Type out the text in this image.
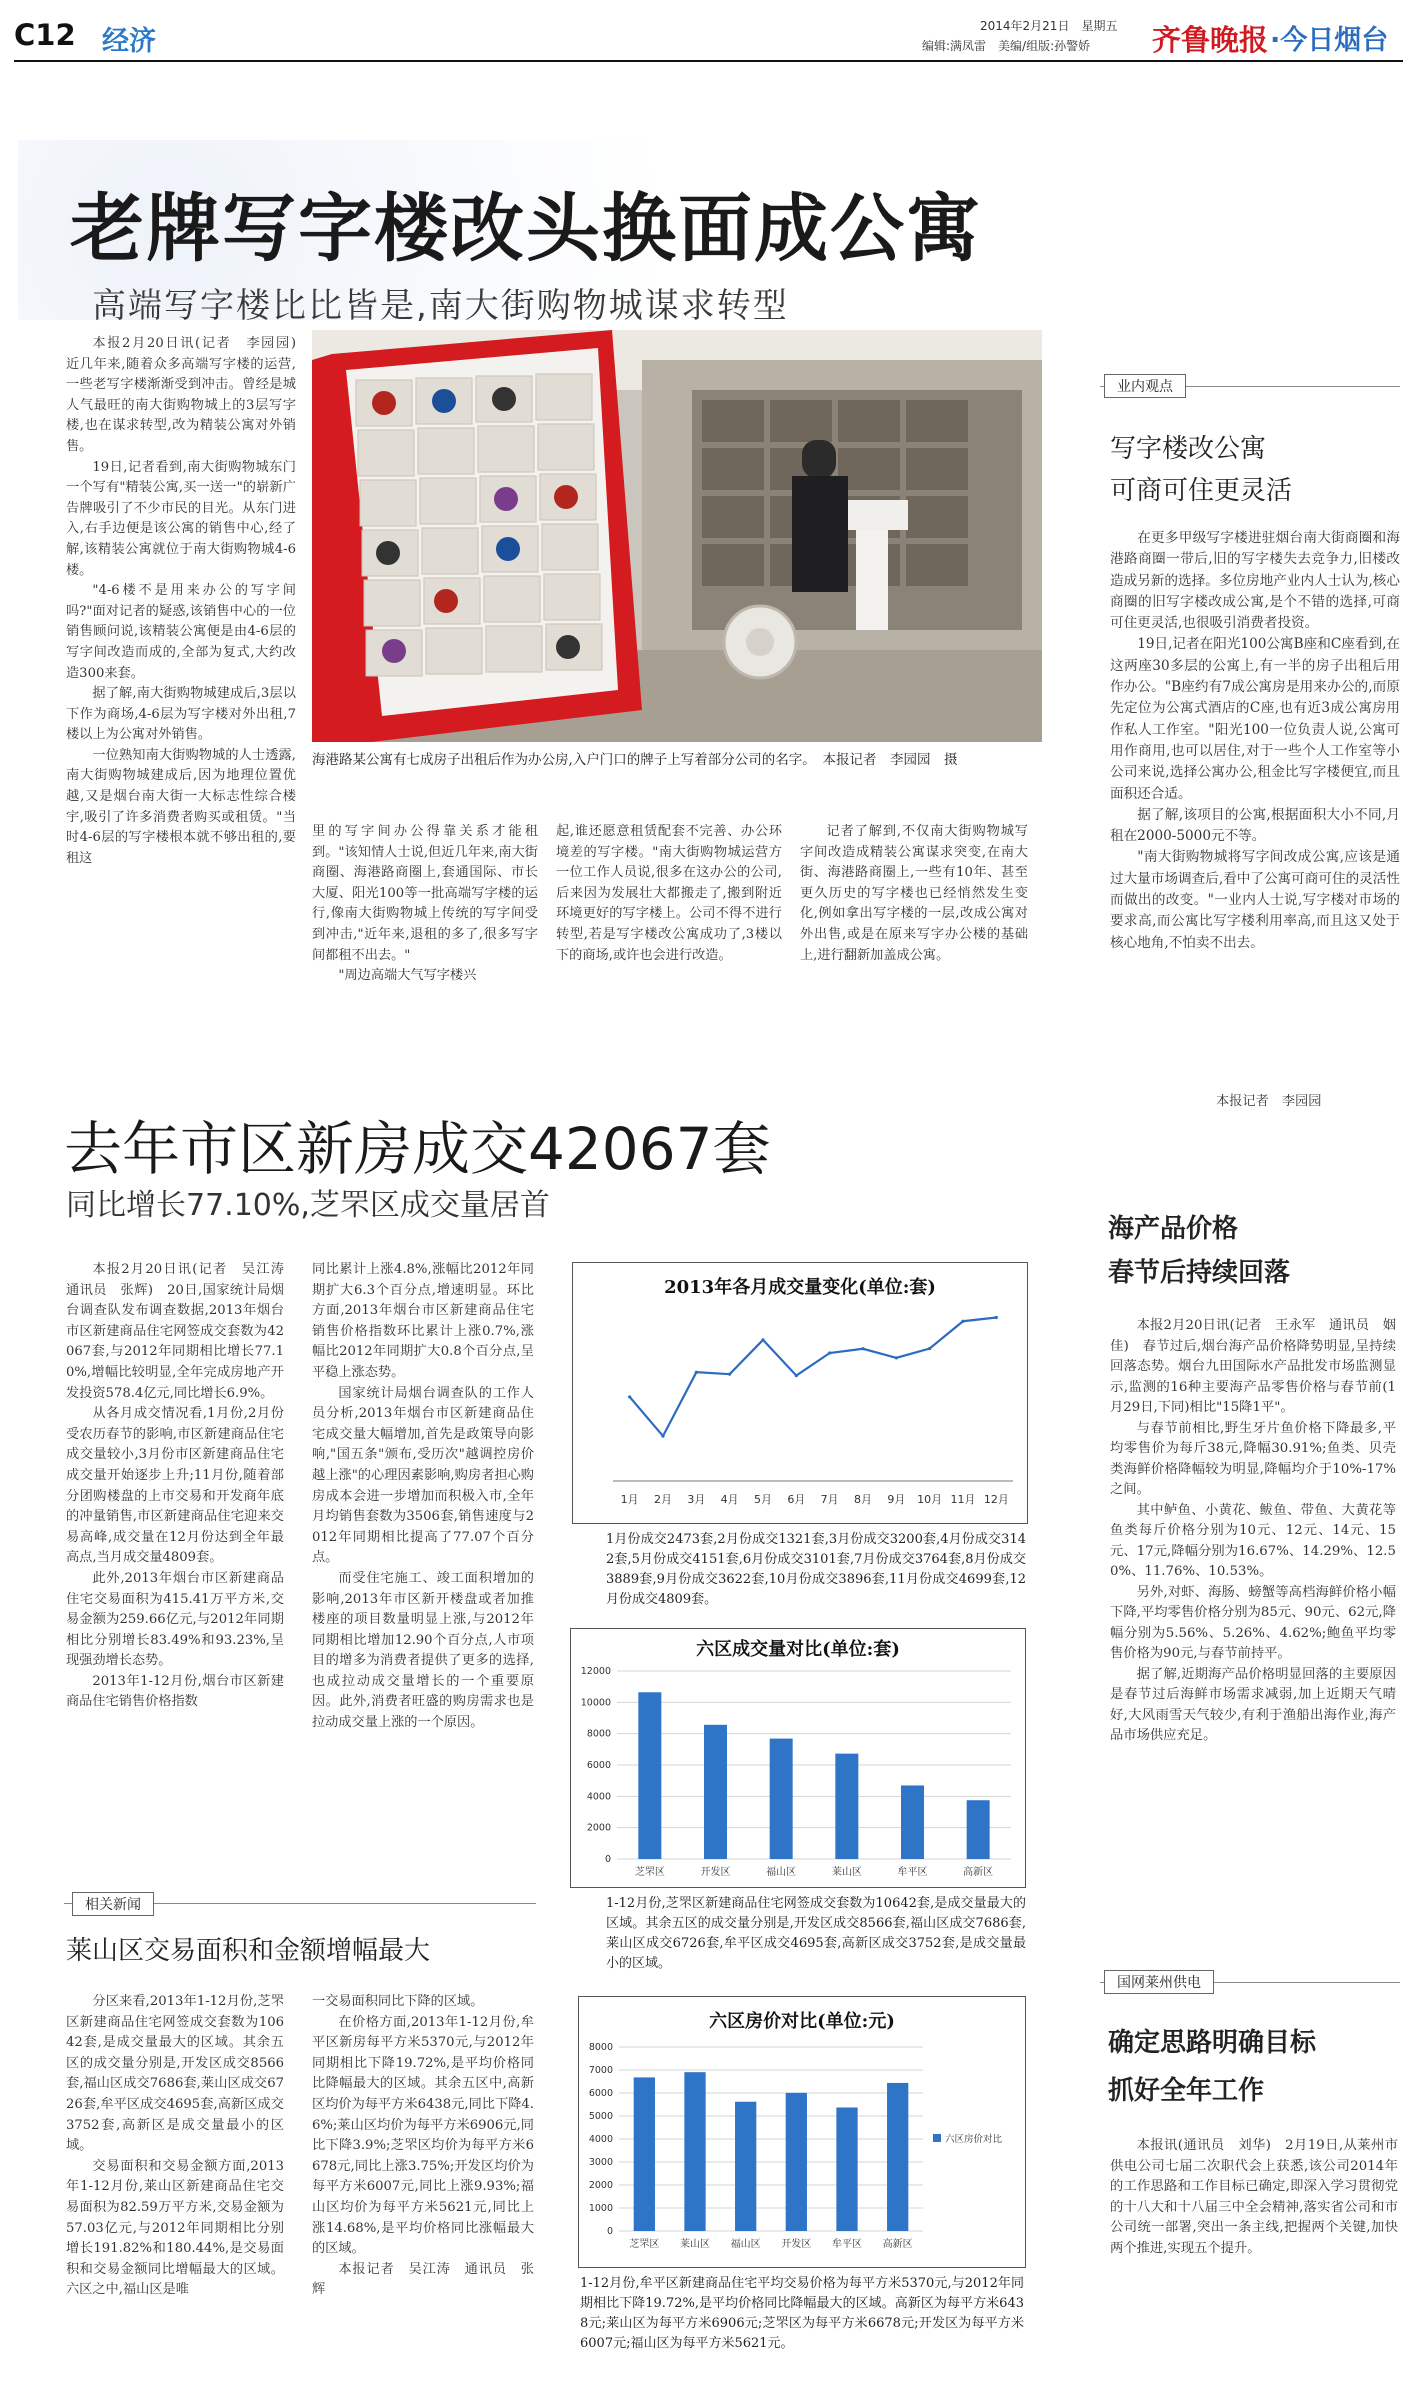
C12 经济	2014年2月21日　星期五
编辑:满凤雷　美编/组版:孙警娇 齐鲁晚报 ·今日烟台
老牌写字楼改头换面成公寓
高端写字楼比比皆是,南大街购物城谋求转型
海港路某公寓有七成房子出租后作为办公房,入户门口的牌子上写着部分公司的名字。　本报记者　李园园　摄

本报2月20日讯(记者　李园园)　近几年来,随着众多高端写字楼的运营,一些老写字楼渐渐受到冲击。曾经是城人气最旺的南大街购物城上的3层写字楼,也在谋求转型,改为精装公寓对外销售。

19日,记者看到,南大街购物城东门一个写有"精装公寓,买一送一"的崭新广告牌吸引了不少市民的目光。从东门进入,右手边便是该公寓的销售中心,经了解,该精装公寓就位于南大街购物城4-6楼。

"4-6楼不是用来办公的写字间吗?"面对记者的疑惑,该销售中心的一位销售顾问说,该精装公寓便是由4-6层的写字间改造而成的,全部为复式,大约改造300来套。

据了解,南大街购物城建成后,3层以下作为商场,4-6层为写字楼对外出租,7楼以上为公寓对外销售。

一位熟知南大街购物城的人士透露,南大街购物城建成后,因为地理位置优越,又是烟台南大街一大标志性综合楼宇,吸引了许多消费者购买或租赁。"当时4-6层的写字楼根本就不够出租的,要租这

里的写字间办公得靠关系才能租到。"该知情人士说,但近几年来,南大街商圈、海港路商圈上,套通国际、市长大厦、阳光100等一批高端写字楼的运行,像南大街购物城上传统的写字间受到冲击,"近年来,退租的多了,很多写字间都租不出去。"

"周边高端大气写字楼兴

起,谁还愿意租赁配套不完善、办公环境差的写字楼。"南大街购物城运营方一位工作人员说,很多在这办公的公司,后来因为发展壮大都搬走了,搬到附近环境更好的写字楼上。公司不得不进行转型,若是写字楼改公寓成功了,3楼以下的商场,或许也会进行改造。

记者了解到,不仅南大街购物城写字间改造成精装公寓谋求突变,在南大街、海港路商圈上,一些有10年、甚至更久历史的写字楼也已经悄然发生变化,例如拿出写字楼的一层,改成公寓对外出售,或是在原来写字办公楼的基础上,进行翻新加盖成公寓。

业内观点
写字楼改公寓
可商可住更灵活

在更多甲级写字楼进驻烟台南大街商圈和海港路商圈一带后,旧的写字楼失去竞争力,旧楼改造成另新的选择。多位房地产业内人士认为,核心商圈的旧写字楼改成公寓,是个不错的选择,可商可住更灵活,也很吸引消费者投资。

19日,记者在阳光100公寓B座和C座看到,在这两座30多层的公寓上,有一半的房子出租后用作办公。"B座约有7成公寓房是用来办公的,而原先定位为公寓式酒店的C座,也有近3成公寓房用作私人工作室。"阳光100一位负责人说,公寓可用作商用,也可以居住,对于一些个人工作室等小公司来说,选择公寓办公,租金比写字楼便宜,而且面积还合适。

据了解,该项目的公寓,根据面积大小不同,月租在2000-5000元不等。

"南大街购物城将写字间改成公寓,应该是通过大量市场调查后,看中了公寓可商可住的灵活性而做出的改变。"一业内人士说,写字楼对市场的要求高,而公寓比写字楼利用率高,而且这又处于核心地角,不怕卖不出去。

本报记者　李园园
去年市区新房成交42067套
同比增长77.10%,芝罘区成交量居首

本报2月20日讯(记者　吴江涛　通讯员　张辉)　20日,国家统计局烟台调查队发布调查数据,2013年烟台市区新建商品住宅网签成交套数为42067套,与2012年同期相比增长77.10%,增幅比较明显,全年完成房地产开发投资578.4亿元,同比增长6.9%。

从各月成交情况看,1月份,2月份受农历春节的影响,市区新建商品住宅成交量较小,3月份市区新建商品住宅成交量开始逐步上升;11月份,随着部分团购楼盘的上市交易和开发商年底的冲量销售,市区新建商品住宅迎来交易高峰,成交量在12月份达到全年最高点,当月成交量4809套。

此外,2013年烟台市区新建商品住宅交易面积为415.41万平方米,交易金额为259.66亿元,与2012年同期相比分别增长83.49%和93.23%,呈现强劲增长态势。

2013年1-12月份,烟台市区新建商品住宅销售价格指数

同比累计上涨4.8%,涨幅比2012年同期扩大6.3个百分点,增速明显。环比方面,2013年烟台市区新建商品住宅销售价格指数环比累计上涨0.7%,涨幅比2012年同期扩大0.8个百分点,呈平稳上涨态势。

国家统计局烟台调查队的工作人员分析,2013年烟台市区新建商品住宅成交量大幅增加,首先是政策导向影响,"国五条"颁布,受历次"越调控房价越上涨"的心理因素影响,购房者担心购房成本会进一步增加而积极入市,全年月均销售套数为3506套,销售速度与2012年同期相比提高了77.07个百分点。

而受住宅施工、竣工面积增加的影响,2013年市区新开楼盘或者加推楼座的项目数量明显上涨,与2012年同期相比增加12.90个百分点,人市项目的增多为消费者提供了更多的选择,也成拉动成交量增长的一个重要原因。此外,消费者旺盛的购房需求也是拉动成交量上涨的一个原因。

相关新闻
莱山区交易面积和金额增幅最大

分区来看,2013年1-12月份,芝罘区新建商品住宅网签成交套数为10642套,是成交量最大的区域。其余五区的成交量分别是,开发区成交8566套,福山区成交7686套,莱山区成交6726套,牟平区成交4695套,高新区成交3752套,高新区是成交量最小的区域。

交易面积和交易金额方面,2013年1-12月份,莱山区新建商品住宅交易面积为82.59万平方米,交易金额为57.03亿元,与2012年同期相比分别增长191.82%和180.44%,是交易面积和交易金额同比增幅最大的区域。六区之中,福山区是唯

一交易面积同比下降的区域。

在价格方面,2013年1-12月份,牟平区新房每平方米5370元,与2012年同期相比下降19.72%,是平均价格同比降幅最大的区域。其余五区中,高新区均价为每平方米6438元,同比下降4.6%;莱山区均价为每平方米6906元,同比下降3.9%;芝罘区均价为每平方米6678元,同比上涨3.75%;开发区均价为每平方米6007元,同比上涨9.93%;福山区均价为每平方米5621元,同比上涨14.68%,是平均价格同比涨幅最大的区域。

本报记者　吴江涛　通讯员　张辉

2013年各月成交量变化(单位:套)
1月 2月 3月 4月 5月 6月 7月 8月 9月 10月 11月 12月
1月份成交2473套,2月份成交1321套,3月份成交3200套,4月份成交3142套,5月份成交4151套,6月份成交3101套,7月份成交3764套,8月份成交3889套,9月份成交3622套,10月份成交3896套,11月份成交4699套,12月份成交4809套。
六区成交量对比(单位:套)
0
2000
4000
6000
8000
10000
12000
芝罘区	开发区	福山区	莱山区	牟平区	高新区
1-12月份,芝罘区新建商品住宅网签成交套数为10642套,是成交量最大的区域。其余五区的成交量分别是,开发区成交8566套,福山区成交7686套,莱山区成交6726套,牟平区成交4695套,高新区成交3752套,是成交量最小的区域。
六区房价对比(单位:元)
0
1000
2000
3000
4000
5000
6000
7000
8000
芝罘区 莱山区 福山区 开发区 牟平区 高新区
六区房价对比
1-12月份,牟平区新建商品住宅平均交易价格为每平方米5370元,与2012年同期相比下降19.72%,是平均价格同比降幅最大的区域。高新区为每平方米6438元;莱山区为每平方米6906元;芝罘区为每平方米6678元;开发区为每平方米6007元;福山区为每平方米5621元。
海产品价格
春节后持续回落

本报2月20日讯(记者　王永军　通讯员　姻佳)　春节过后,烟台海产品价格降势明显,呈持续回落态势。烟台九田国际水产品批发市场监测显示,监测的16种主要海产品零售价格与春节前(1月29日,下同)相比"15降1平"。

与春节前相比,野生牙片鱼价格下降最多,平均零售价为每斤38元,降幅30.91%;鱼类、贝壳类海鲜价格降幅较为明显,降幅均介于10%-17%之间。

其中鲈鱼、小黄花、鲅鱼、带鱼、大黄花等鱼类每斤价格分别为10元、12元、14元、15元、17元,降幅分别为16.67%、14.29%、12.50%、11.76%、10.53%。

另外,对虾、海肠、螃蟹等高档海鲜价格小幅下降,平均零售价格分别为85元、90元、62元,降幅分别为5.56%、5.26%、4.62%;鲍鱼平均零售价格为90元,与春节前持平。

据了解,近期海产品价格明显回落的主要原因是春节过后海鲜市场需求减弱,加上近期天气晴好,大风雨雪天气较少,有利于渔船出海作业,海产品市场供应充足。

国网莱州供电
确定思路明确目标
抓好全年工作

本报讯(通讯员　刘华)　2月19日,从莱州市供电公司七届二次职代会上获悉,该公司2014年的工作思路和工作目标已确定,即深入学习贯彻党的十八大和十八届三中全会精神,落实省公司和市公司统一部署,突出一条主线,把握两个关键,加快两个推进,实现五个提升。
